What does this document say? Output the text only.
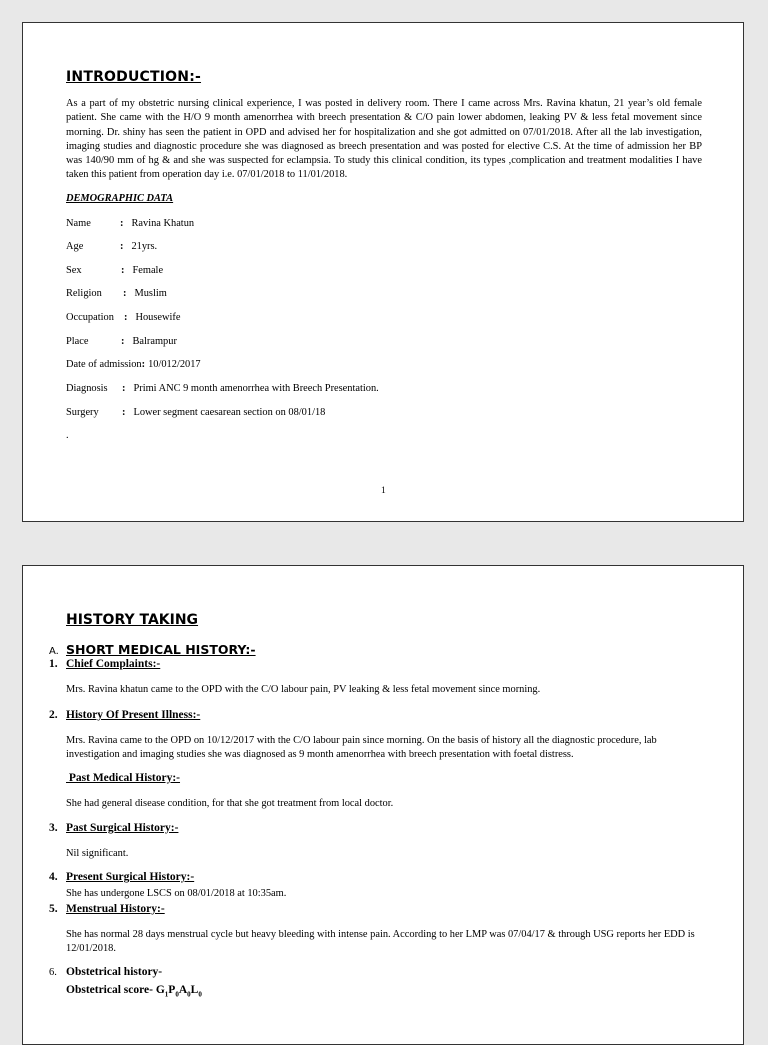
INTRODUCTION:-
As a part of my obstetric nursing clinical experience, I was posted in delivery room. There I came across Mrs. Ravina khatun, 21 year’s old female patient. She came with the H/O 9 month amenorrhea with breech presentation & C/O pain lower abdomen, leaking PV & less fetal movement since morning. Dr. shiny has seen the patient in OPD and advised her for hospitalization and she got admitted on 07/01/2018. After all the lab investigation, imaging studies and diagnostic procedure she was diagnosed as breech presentation and was posted for elective C.S. At the time of admission her BP was 140/90 mm of hg & and she was suspected for eclampsia. To study this clinical condition, its types ,complication and treatment modalities I have taken this patient from operation day i.e. 07/01/2018 to 11/01/2018.
DEMOGRAPHIC DATA
Name	: Ravina Khatun
Age	: 21yrs.
Sex	: Female
Religion : Muslim
Occupation : Housewife
Place	: Balrampur
Date of admission: 10/012/2017
Diagnosis : Primi ANC 9 month amenorrhea with Breech Presentation.
Surgery : Lower segment caesarean section on 08/01/18
.
1
HISTORY TAKING
A. SHORT MEDICAL HISTORY:-
1. Chief Complaints:-
Mrs. Ravina khatun came to the OPD with the C/O labour pain, PV leaking & less fetal movement since morning.
2. History Of Present Illness:-
Mrs. Ravina came to the OPD on 10/12/2017 with the C/O labour pain since morning. On the basis of history all the diagnostic procedure, lab investigation and imaging studies she was diagnosed as 9 month amenorrhea with breech presentation with foetal distress.
Past Medical History:-
She had general disease condition, for that she got treatment from local doctor.
3. Past Surgical History:-
Nil significant.
4. Present Surgical History:-
She has undergone LSCS on 08/01/2018 at 10:35am.
5. Menstrual History:-
She has normal 28 days menstrual cycle but heavy bleeding with intense pain. According to her LMP was 07/04/17 & through USG reports her EDD is 12/01/2018.
6. Obstetrical history-
Obstetrical score- $G_1P_0A_0L_0$
